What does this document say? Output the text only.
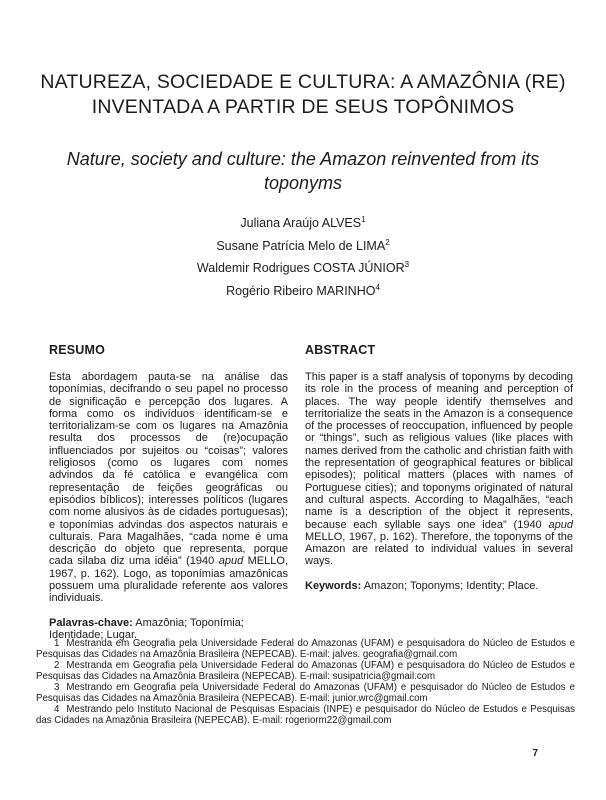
NATUREZA, SOCIEDADE E CULTURA: A AMAZÔNIA (RE) INVENTADA A PARTIR DE SEUS TOPÔNIMOS
Nature, society and culture: the Amazon reinvented from its toponyms

Juliana Araújo ALVES$^1$

Susane Patrícia Melo de LIMA$^2$

Waldemir Rodrigues COSTA JÚNIOR$^3$

Rogério Ribeiro MARINHO$^4$

RESUMO

Esta abordagem pauta-se na análise das toponímias, decifrando o seu papel no processo de significação e percepção dos lugares. A forma como os indivíduos identificam-se e territorializam-se com os lugares na Amazônia resulta dos processos de (re)ocupação influenciados por sujeitos ou “coisas”; valores religiosos (como os lugares com nomes advindos da fé católica e evangélica com representação de feições geográficas ou episódios bíblicos); interesses políticos (lugares com nome alusivos às de cidades portuguesas); e toponímias advindas dos aspectos naturais e culturais. Para Magalhães, “cada nome é uma descrição do objeto que representa, porque cada silaba diz uma idéia” (1940 apud MELLO, 1967, p. 162). Logo, as toponímias amazônicas possuem uma pluralidade referente aos valores individuais.

Palavras-chave: Amazônia; Toponímia; Identidade; Lugar.

ABSTRACT

This paper is a staff analysis of toponyms by decoding its role in the process of meaning and perception of places. The way people identify themselves and territorialize the seats in the Amazon is a consequence of the processes of reoccupation, influenced by people or “things”, such as religious values (like places with names derived from the catholic and christian faith with the representation of geographical features or biblical episodes); political matters (places with names of Portuguese cities); and toponyms originated of natural and cultural aspects. According to Magalhães, “each name is a description of the object it represents, because each syllable says one idea” (1940 apud MELLO, 1967, p. 162). Therefore, the toponyms of the Amazon are related to individual values in several ways.

Keywords: Amazon; Toponyms; Identity; Place.

1 Mestranda em Geografia pela Universidade Federal do Amazonas (UFAM) e pesquisadora do Núcleo de Estudos e Pesquisas das Cidades na Amazônia Brasileira (NEPECAB). E-mail: jalves. geografia@gmail.com

2 Mestranda em Geografia pela Universidade Federal do Amazonas (UFAM) e pesquisadora do Núcleo de Estudos e Pesquisas das Cidades na Amazônia Brasileira (NEPECAB). E-mail: susipatricia@gmail.com

3 Mestrando em Geografia pela Universidade Federal do Amazonas (UFAM) e pesquisador do Núcleo de Estudos e Pesquisas das Cidades na Amazônia Brasileira (NEPECAB). E-mail: junior.wrc@gmail.com

4 Mestrando pelo Instituto Nacional de Pesquisas Espaciais (INPE) e pesquisador do Núcleo de Estudos e Pesquisas das Cidades na Amazônia Brasileira (NEPECAB). E-mail: rogeriorm22@gmail.com

7
